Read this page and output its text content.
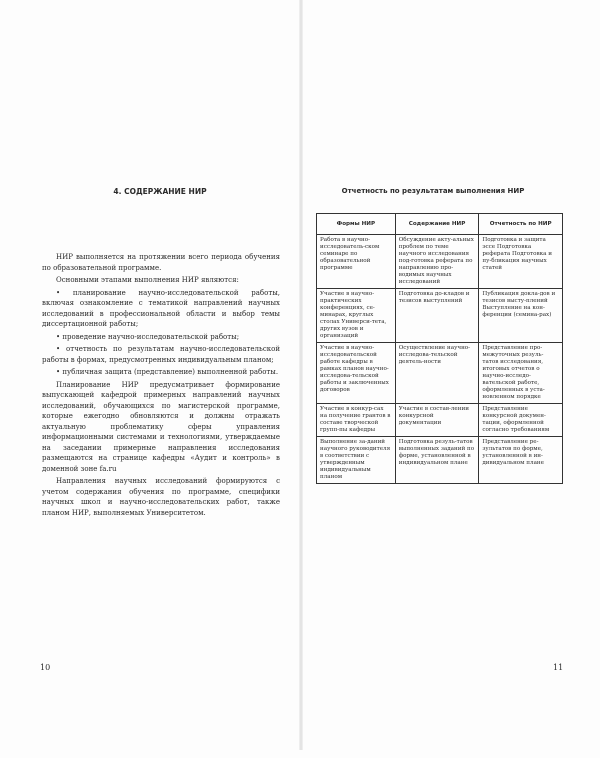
4. СОДЕРЖАНИЕ НИР

НИР выполняется на протяжении всего периода обучения по образовательной программе.

Основными этапами выполнения НИР являются:

• планирование научно-исследовательской работы, включая ознакомление с тематикой направлений научных исследований в профессиональной области и выбор темы диссертационной работы;

• проведение научно-исследовательской работы;

• отчетность по результатам научно-исследовательской работы в формах, предусмотренных индивидуальным планом;

• публичная защита (представление) выполненной работы.

Планирование НИР предусматривает формирование выпускающей кафедрой примерных направлений научных исследований, обучающихся по магистерской программе, которые ежегодно обновляются и должны отражать актуальную проблематику сферы управления информационными системами и технологиями, утверждаемые на заседании примерные направления исследования размещаются на странице кафедры «Аудит и контроль» в доменной зоне fa.ru

Направления научных исследований формируются с учетом содержания обучения по программе, специфики научных школ и научно-исследовательских работ, также планом НИР, выполняемых Университетом.

10
Отчетность по результатам выполнения НИР
Формы НИР	Содержание НИР	Отчетность по НИР
Работа в научно-исследователь-ском семинаре по образовательной программе	Обсуждение акту-альных проблем по теме научного исследования под-готовка реферата по направлению про-водимых научных исследований	Подготовка и защита эссе Подготовка реферата Подготовка и пу-бликация научных статей
Участие в научно-практических конференциях, се-минарах, круглых столах Универси-тета, других вузов и организаций	Подготовка до-кладов и тезисов выступлений	Публикация докла-дов и тезисов высту-плений Выступление на кон-ференции (семина-рах)
Участие в научно-исследовательской работе кафедры в рамках планов научно-исследова-тельской работы и заключенных договоров	Осуществление научно-исследова-тельской деятель-ности	Представление про-межуточных резуль-татов исследования, итоговых отчетов о научно-исследо-вательской работе, оформленных в уста-новленном порядке
Участие в конкур-сах на получение грантов в составе творческой групп-пы кафедры	Участие в состав-лении конкурсной документации	Представление конкурсной докумен-тации, оформленной согласно требованиям
Выполнение за-даний научного руководителя в соответствии с утвержденным индивидуальным планом	Подготовка резуль-татов выполненных заданий по форме, установленной в индивидуальном плане	Представление ре-зультатов по форме, установленной в ин-дивидуальном плане
11
